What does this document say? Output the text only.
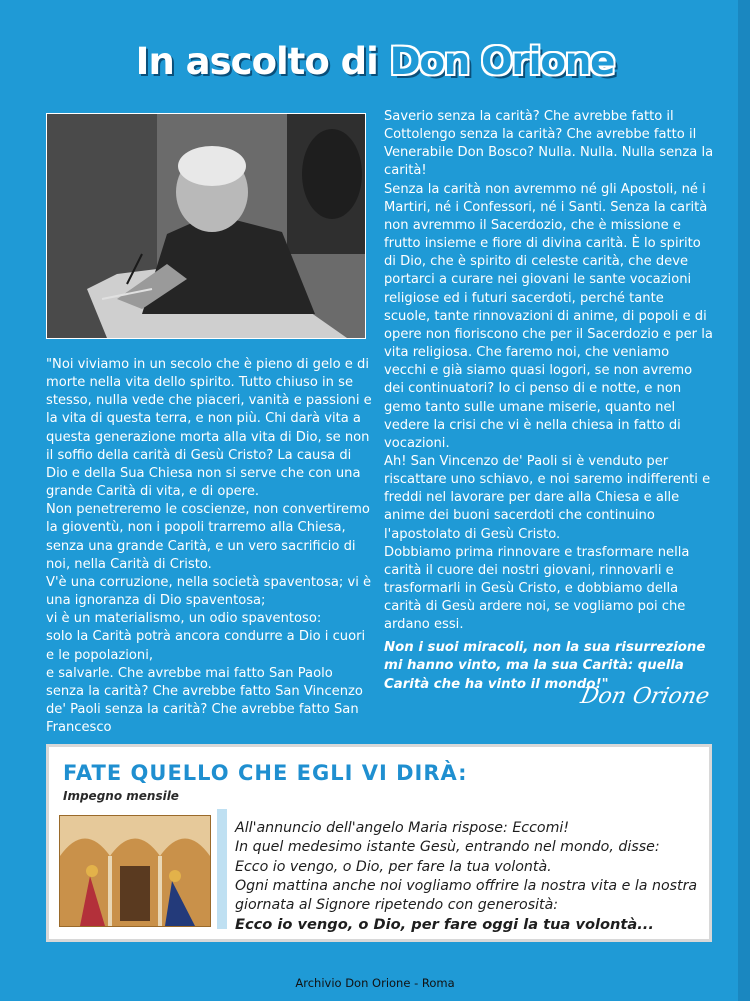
In ascolto di Don Orione

"Noi viviamo in un secolo che è pieno di gelo e di morte nella vita dello spirito. Tutto chiuso in se stesso, nulla vede che piaceri, vanità e passioni e la vita di questa terra, e non più. Chi darà vita a questa generazione morta alla vita di Dio, se non il soffio della carità di Gesù Cristo? La causa di Dio e della Sua Chiesa non si serve che con una grande Carità di vita, e di opere.

Non penetreremo le coscienze, non convertiremo la gioventù, non i popoli trarremo alla Chiesa, senza una grande Carità, e un vero sacrificio di noi, nella Carità di Cristo.

V'è una corruzione, nella società spaventosa; vi è una ignoranza di Dio spaventosa;

vi è un materialismo, un odio spaventoso:

solo la Carità potrà ancora condurre a Dio i cuori e le popolazioni,

e salvarle. Che avrebbe mai fatto San Paolo senza la carità? Che avrebbe fatto San Vincenzo de' Paoli senza la carità? Che avrebbe fatto San Francesco

Saverio senza la carità? Che avrebbe fatto il Cottolengo senza la carità? Che avrebbe fatto il Venerabile Don Bosco? Nulla. Nulla. Nulla senza la carità!

Senza la carità non avremmo né gli Apostoli, né i Martiri, né i Confessori, né i Santi. Senza la carità non avremmo il Sacerdozio, che è missione e frutto insieme e fiore di divina carità. È lo spirito di Dio, che è spirito di celeste carità, che deve portarci a curare nei giovani le sante vocazioni religiose ed i futuri sacerdoti, perché tante scuole, tante rinnovazioni di anime, di popoli e di opere non fioriscono che per il Sacerdozio e per la vita religiosa. Che faremo noi, che veniamo vecchi e già siamo quasi logori, se non avremo dei continuatori? Io ci penso di e notte, e non gemo tanto sulle umane miserie, quanto nel vedere la crisi che vi è nella chiesa in fatto di vocazioni.

Ah! San Vincenzo de' Paoli si è venduto per riscattare uno schiavo, e noi saremo indifferenti e freddi nel lavorare per dare alla Chiesa e alle anime dei buoni sacerdoti che continuino l'apostolato di Gesù Cristo.

Dobbiamo prima rinnovare e trasformare nella carità il cuore dei nostri giovani, rinnovarli e trasformarli in Gesù Cristo, e dobbiamo della carità di Gesù ardere noi, se vogliamo poi che ardano essi.

Non i suoi miracoli, non la sua risurrezione mi hanno vinto, ma la sua Carità: quella Carità che ha vinto il mondo!"

Don Orione
FATE QUELLO CHE EGLI VI DIRÀ:
Impegno mensile

All'annuncio dell'angelo Maria rispose: Eccomi!

In quel medesimo istante Gesù, entrando nel mondo, disse:

Ecco io vengo, o Dio, per fare la tua volontà.

Ogni mattina anche noi vogliamo offrire la nostra vita e la nostra giornata al Signore ripetendo con generosità:

Ecco io vengo, o Dio, per fare oggi la tua volontà...

Archivio Don Orione - Roma
